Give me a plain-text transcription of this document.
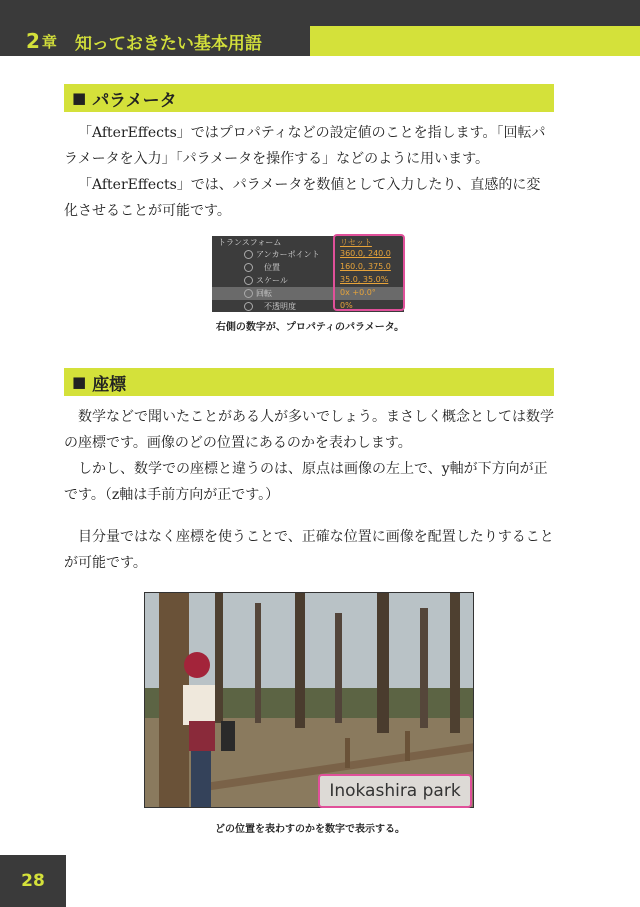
2 章 知っておきたい基本用語
■ パラメータ

「AfterEffects」ではプロパティなどの設定値のことを指します。「回転パラメータを入力」「パラメータを操作する」などのように用います。

「AfterEffects」では、パラメータを数値として入力したり、直感的に変化させることが可能です。

トランスフォーム	リセット
アンカーポイント	360.0, 240.0
位置	160.0, 375.0
スケール	35.0, 35.0%
回転	0x +0.0°
不透明度	0%
右側の数字が、プロパティのパラメータ。
■ 座標

数学などで聞いたことがある人が多いでしょう。まさしく概念としては数学の座標です。画像のどの位置にあるのかを表わします。

しかし、数学での座標と違うのは、原点は画像の左上で、y軸が下方向が正です。（z軸は手前方向が正です。）

目分量ではなく座標を使うことで、正確な位置に画像を配置したりすることが可能です。

Inokashira park
どの位置を表わすのかを数字で表示する。
28
